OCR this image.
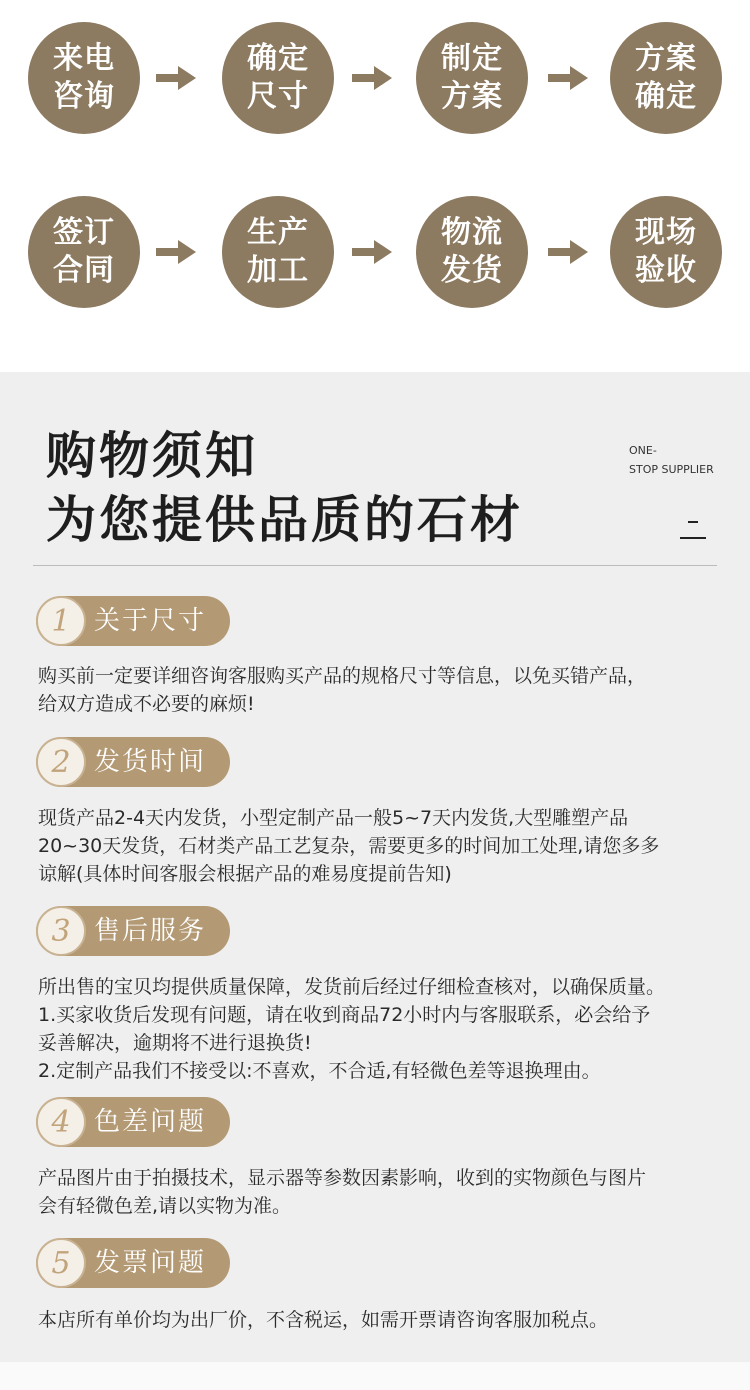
来电咨询
确定尺寸
制定方案
方案确定
签订合同
生产加工
物流发货
现场验收
购物须知
为您提供品质的石材
ONE-
STOP SUPPLIER
1 关于尺寸
购买前一定要详细咨询客服购买产品的规格尺寸等信息，以免买错产品，
给双方造成不必要的麻烦!
2 发货时间
现货产品2-4天内发货，小型定制产品一般5~7天内发货,大型雕塑产品
20~30天发货，石材类产品工艺复杂，需要更多的时间加工处理,请您多多
谅解(具体时间客服会根据产品的难易度提前告知)
3 售后服务
所出售的宝贝均提供质量保障，发货前后经过仔细检查核对，以确保质量。
1.买家收货后发现有问题，请在收到商品72小时内与客服联系，必会给予
妥善解决，逾期将不进行退换货!
2.定制产品我们不接受以:不喜欢，不合适,有轻微色差等退换理由。
4 色差问题
产品图片由于拍摄技术，显示器等参数因素影响，收到的实物颜色与图片
会有轻微色差,请以实物为准。
5 发票问题
本店所有单价均为出厂价，不含税运，如需开票请咨询客服加税点。
